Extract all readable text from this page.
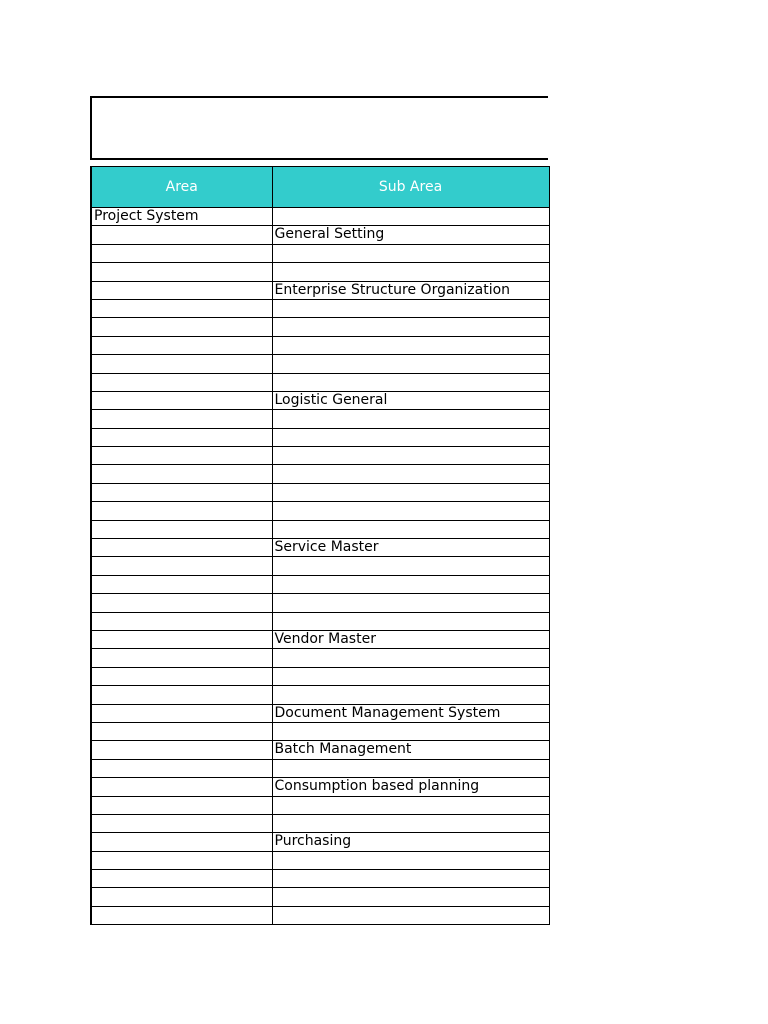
Area	Sub Area
Project System	
	General Setting

	Enterprise Structure Organization

	Logistic General

	Service Master

	Vendor Master

	Document Management System

	Batch Management

	Consumption based planning

	Purchasing
